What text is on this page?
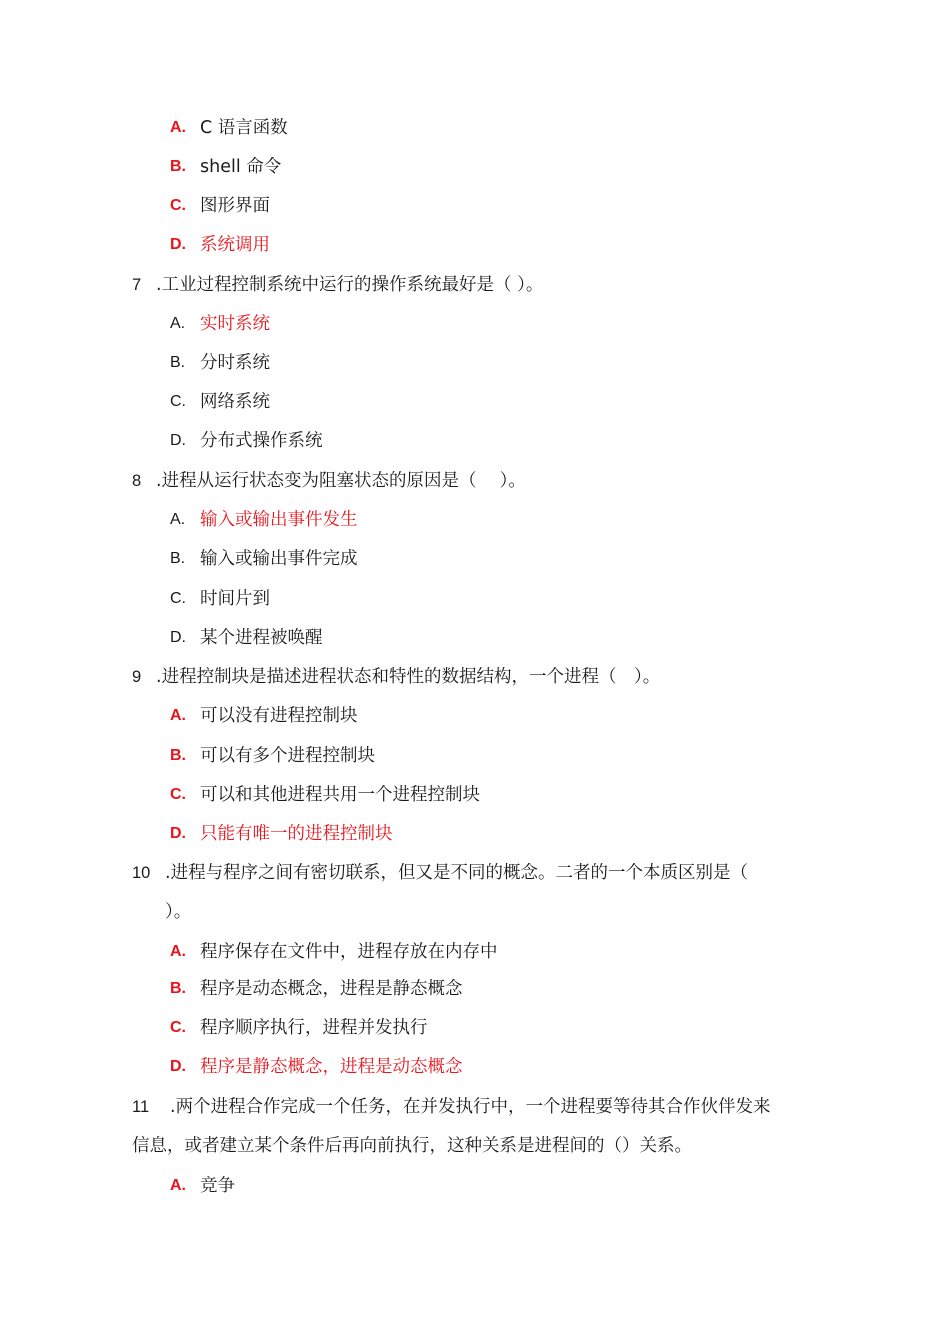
A. C 语言函数
B. shell 命令
C. 图形界面
D. 系统调用
7 .工业过程控制系统中运行的操作系统最好是（ ）。
A. 实时系统
B. 分时系统
C. 网络系统
D. 分布式操作系统
8 .进程从运行状态变为阻塞状态的原因是（　 ）。
A. 输入或输出事件发生
B. 输入或输出事件完成
C. 时间片到
D. 某个进程被唤醒
9 .进程控制块是描述进程状态和特性的数据结构，一个进程（　）。
A. 可以没有进程控制块
B. 可以有多个进程控制块
C. 可以和其他进程共用一个进程控制块
D. 只能有唯一的进程控制块
10 .进程与程序之间有密切联系，但又是不同的概念。二者的一个本质区别是（
）。
A. 程序保存在文件中，进程存放在内存中
B. 程序是动态概念，进程是静态概念
C. 程序顺序执行，进程并发执行
D. 程序是静态概念，进程是动态概念
11 .两个进程合作完成一个任务，在并发执行中，一个进程要等待其合作伙伴发来
信息，或者建立某个条件后再向前执行，这种关系是进程间的（）关系。
A. 竞争
